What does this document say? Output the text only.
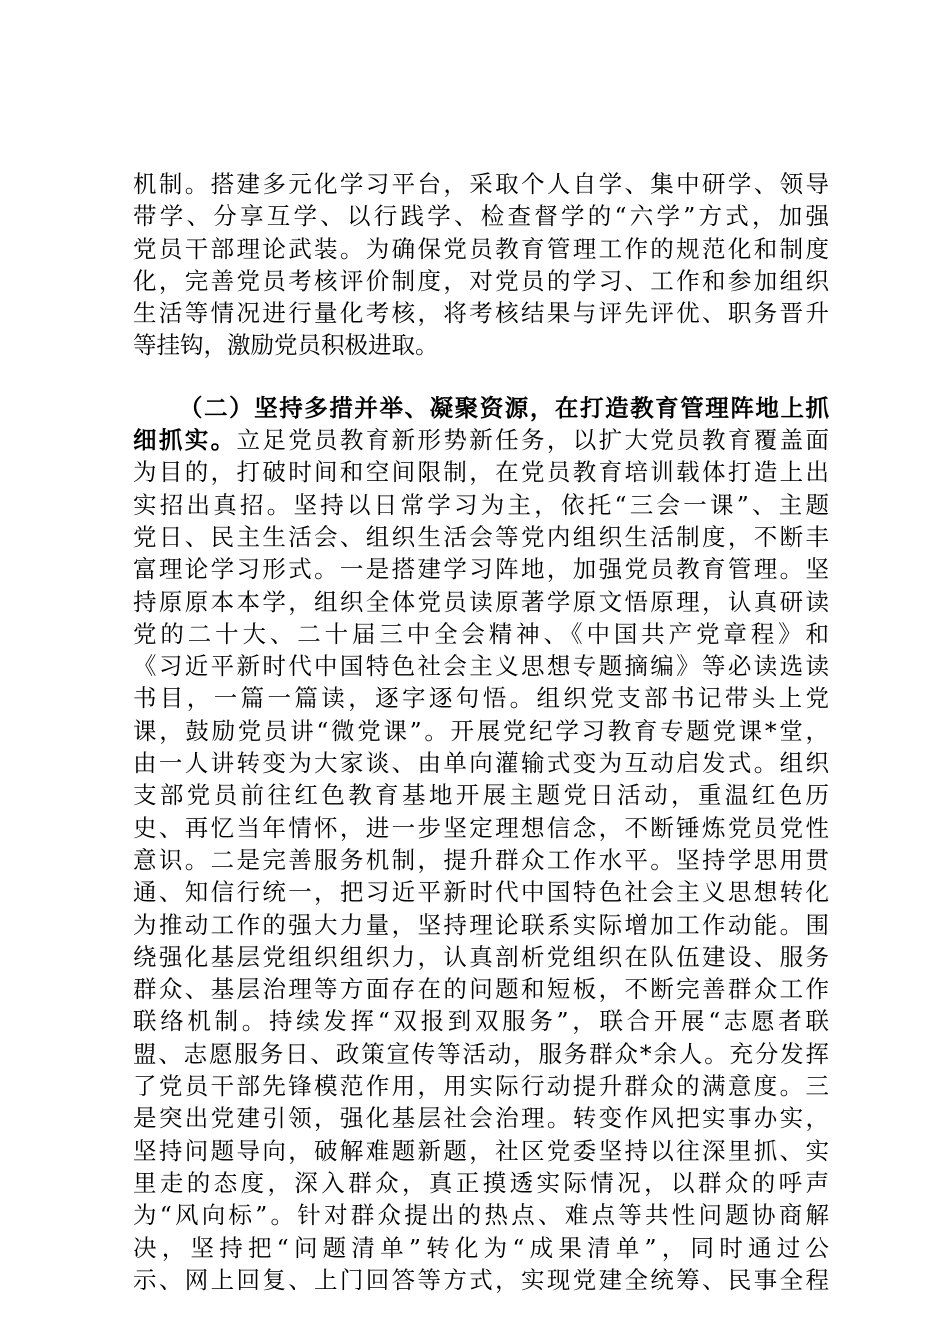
机制。搭建多元化学习平台，采取个人自学、集中研学、领导
带学、分享互学、以行践学、检查督学的“六学”方式，加强
党员干部理论武装。为确保党员教育管理工作的规范化和制度
化，完善党员考核评价制度，对党员的学习、工作和参加组织
生活等情况进行量化考核，将考核结果与评先评优、职务晋升
等挂钩，激励党员积极进取。
（二）坚持多措并举、凝聚资源，在打造教育管理阵地上抓
细抓实。立足党员教育新形势新任务，以扩大党员教育覆盖面
为目的，打破时间和空间限制，在党员教育培训载体打造上出
实招出真招。坚持以日常学习为主，依托“三会一课”、主题
党日、民主生活会、组织生活会等党内组织生活制度，不断丰
富理论学习形式。一是搭建学习阵地，加强党员教育管理。坚
持原原本本学，组织全体党员读原著学原文悟原理，认真研读
党的二十大、二十届三中全会精神、《中国共产党章程》和
《习近平新时代中国特色社会主义思想专题摘编》等必读选读
书目，一篇一篇读，逐字逐句悟。组织党支部书记带头上党
课，鼓励党员讲“微党课”。开展党纪学习教育专题党课*堂，
由一人讲转变为大家谈、由单向灌输式变为互动启发式。组织
支部党员前往红色教育基地开展主题党日活动，重温红色历
史、再忆当年情怀，进一步坚定理想信念，不断锤炼党员党性
意识。二是完善服务机制，提升群众工作水平。坚持学思用贯
通、知信行统一，把习近平新时代中国特色社会主义思想转化
为推动工作的强大力量，坚持理论联系实际增加工作动能。围
绕强化基层党组织组织力，认真剖析党组织在队伍建设、服务
群众、基层治理等方面存在的问题和短板，不断完善群众工作
联络机制。持续发挥“双报到双服务”，联合开展“志愿者联
盟、志愿服务日、政策宣传等活动，服务群众*余人。充分发挥
了党员干部先锋模范作用，用实际行动提升群众的满意度。三
是突出党建引领，强化基层社会治理。转变作风把实事办实，
坚持问题导向，破解难题新题，社区党委坚持以往深里抓、实
里走的态度，深入群众，真正摸透实际情况，以群众的呼声
为“风向标”。针对群众提出的热点、难点等共性问题协商解
决，坚持把“问题清单”转化为“成果清单”，同时通过公
示、网上回复、上门回答等方式，实现党建全统筹、民事全程
